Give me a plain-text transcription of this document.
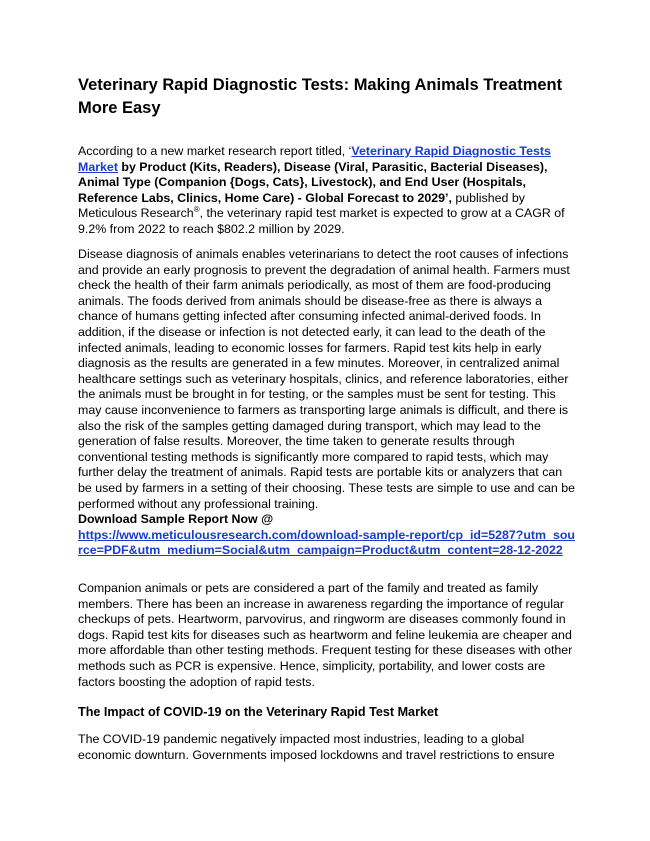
Veterinary Rapid Diagnostic Tests: Making Animals Treatment More Easy

According to a new market research report titled, ‘Veterinary Rapid Diagnostic Tests Market by Product (Kits, Readers), Disease (Viral, Parasitic, Bacterial Diseases), Animal Type (Companion {Dogs, Cats}, Livestock), and End User (Hospitals, Reference Labs, Clinics, Home Care) - Global Forecast to 2029’, published by Meticulous Research®, the veterinary rapid test market is expected to grow at a CAGR of 9.2% from 2022 to reach $802.2 million by 2029.

Disease diagnosis of animals enables veterinarians to detect the root causes of infections and provide an early prognosis to prevent the degradation of animal health. Farmers must check the health of their farm animals periodically, as most of them are food-producing animals. The foods derived from animals should be disease-free as there is always a chance of humans getting infected after consuming infected animal-derived foods. In addition, if the disease or infection is not detected early, it can lead to the death of the infected animals, leading to economic losses for farmers. Rapid test kits help in early diagnosis as the results are generated in a few minutes. Moreover, in centralized animal healthcare settings such as veterinary hospitals, clinics, and reference laboratories, either the animals must be brought in for testing, or the samples must be sent for testing. This may cause inconvenience to farmers as transporting large animals is difficult, and there is also the risk of the samples getting damaged during transport, which may lead to the generation of false results. Moreover, the time taken to generate results through conventional testing methods is significantly more compared to rapid tests, which may further delay the treatment of animals. Rapid tests are portable kits or analyzers that can be used by farmers in a setting of their choosing. These tests are simple to use and can be performed without any professional training.

Download Sample Report Now @
https://www.meticulousresearch.com/download-sample-report/cp_id=5287?utm_source=PDF&utm_medium=Social&utm_campaign=Product&utm_content=28-12-2022

Companion animals or pets are considered a part of the family and treated as family members. There has been an increase in awareness regarding the importance of regular checkups of pets. Heartworm, parvovirus, and ringworm are diseases commonly found in dogs. Rapid test kits for diseases such as heartworm and feline leukemia are cheaper and more affordable than other testing methods. Frequent testing for these diseases with other methods such as PCR is expensive. Hence, simplicity, portability, and lower costs are factors boosting the adoption of rapid tests.

The Impact of COVID-19 on the Veterinary Rapid Test Market

The COVID-19 pandemic negatively impacted most industries, leading to a global economic downturn. Governments imposed lockdowns and travel restrictions to ensure
